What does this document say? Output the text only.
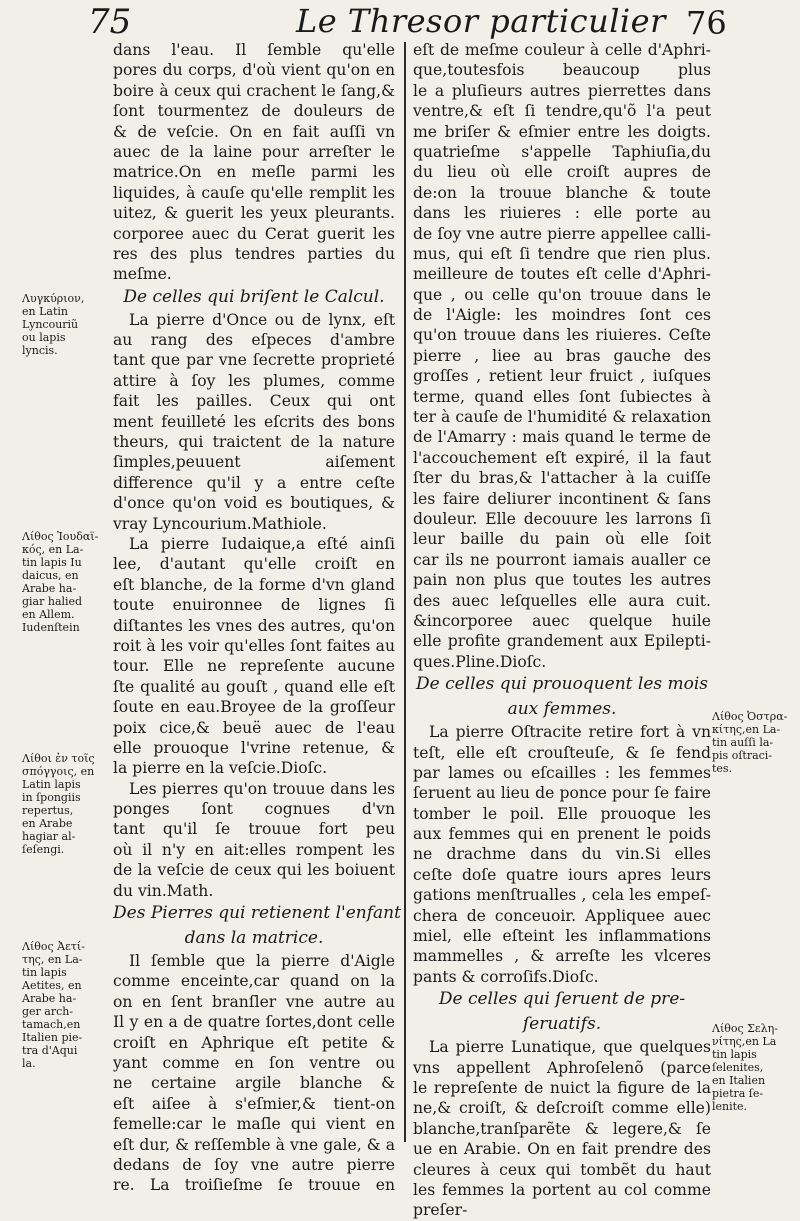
75	Le Thresor particulier 76
dans l'eau. Il ſemble qu'elle
pores du corps, d'où vient qu'on en
boire à ceux qui crachent le ſang,&
ſont tourmentez de douleurs de
& de veſcie. On en fait auſſi vn
auec de la laine pour arreſter le
matrice.On en meſle parmi les
liquides, à cauſe qu'elle remplit les
uitez, & guerit les yeux pleurants.
corporee auec du Cerat guerit les
res des plus tendres parties du
meſme.
De celles qui briſent le Calcul.
La pierre d'Once ou de lynx, eſt
au rang des eſpeces d'ambre
tant que par vne ſecrette proprieté
attire à ſoy les plumes, comme
fait les pailles. Ceux qui ont
ment feuilleté les eſcrits des bons
theurs, qui traictent de la nature
ſimples,peuuent aiſement
difference qu'il y a entre ceſte
d'once qu'on void es boutiques, &
vray Lyncourium.Mathiole.
La pierre Iudaique,a eſté ainſi
lee, d'autant qu'elle croiſt en
eſt blanche, de la forme d'vn gland
toute enuironnee de lignes ſi
diſtantes les vnes des autres, qu'on
roit à les voir qu'elles ſont faites au
tour. Elle ne repreſente aucune
ſte qualité au gouſt , quand elle eſt
ſoute en eau.Broyee de la groſſeur
poix cice,& beuë auec de l'eau
elle prouoque l'vrine retenue, &
la pierre en la veſcie.Dioſc.
Les pierres qu'on trouue dans les
ponges ſont cognues d'vn
tant qu'il ſe trouue fort peu
où il n'y en ait:elles rompent les
de la veſcie de ceux qui les boiuent
du vin.Math.
Des Pierres qui retienent l'enfant
dans la matrice.
Il ſemble que la pierre d'Aigle
comme enceinte,car quand on la
on en ſent branſler vne autre au
Il y en a de quatre ſortes,dont celle
croiſt en Aphrique eſt petite &
yant comme en ſon ventre ou
ne certaine argile blanche &
eſt aiſee à s'eſmier,& tient-on
femelle:car le maſle qui vient en
eſt dur, & reſſemble à vne gale, & a
dedans de ſoy vne autre pierre
re. La troiſieſme ſe trouue en
eſt de meſme couleur à celle d'Aphri-
que,toutesfois beaucoup plus
le a pluſieurs autres pierrettes dans
ventre,& eſt ſi tendre,qu'õ l'a peut
me briſer & eſmier entre les doigts.
quatrieſme s'appelle Taphiuſia,du
du lieu où elle croiſt aupres de
de:on la trouue blanche & toute
dans les riuieres : elle porte au
de ſoy vne autre pierre appellee calli-
mus, qui eſt ſi tendre que rien plus.
meilleure de toutes eſt celle d'Aphri-
que , ou celle qu'on trouue dans le
de l'Aigle: les moindres ſont ces
qu'on trouue dans les riuieres. Ceſte
pierre , liee au bras gauche des
groſſes , retient leur fruict , iuſques
terme, quand elles ſont ſubiectes à
ter à cauſe de l'humidité & relaxation
de l'Amarry : mais quand le terme de
l'accouchement eſt expiré, il la faut
ſter du bras,& l'attacher à la cuiſſe
les faire deliurer incontinent & ſans
douleur. Elle decouure les larrons ſi
leur baille du pain où elle ſoit
car ils ne pourront iamais aualler ce
pain non plus que toutes les autres
des auec leſquelles elle aura cuit.
&incorporee auec quelque huile
elle profite grandement aux Epilepti-
ques.Pline.Dioſc.
De celles qui prouoquent les mois
aux femmes.
La pierre Oſtracite retire fort à vn
teſt, elle eſt crouſteuſe, & ſe fend
par lames ou eſcailles : les femmes
ſeruent au lieu de ponce pour ſe faire
tomber le poil. Elle prouoque les
aux femmes qui en prenent le poids
ne drachme dans du vin.Si elles
ceſte doſe quatre iours apres leurs
gations menſtrualles , cela les empeſ-
chera de conceuoir. Appliquee auec
miel, elle eſteint les inflammations
mammelles , & arreſte les vlceres
pants & corroſifs.Dioſc.
De celles qui ſeruent de pre-
ſeruatifs.
La pierre Lunatique, que quelques
vns appellent Aphroſelenõ (parce
le repreſente de nuict la figure de la
ne,& croiſt, & deſcroiſt comme elle)
blanche,tranſparẽte & legere,& ſe
ue en Arabie. On en fait prendre des
cleures à ceux qui tombẽt du haut
les femmes la portent au col comme
preſer-
Λυγκύριον,
en Latin
Lyncouriũ
ou lapis
lyncis.
Λίθος Ἰουδαϊ-
κός, en La-
tin lapis Iu
daicus, en
Arabe ha-
giar halied
en Allem.
Iudenſtein
Λίθοι ἐν τοῖς
σπόγγοις, en
Latin lapis
in ſpongiis
repertus,
en Arabe
hagiar al-
ſeſengi.
Λίθος Ἀετί-
της, en La-
tin lapis
Aetites, en
Arabe ha-
ger arch-
tamach,en
Italien pie-
tra d'Aqui
la.
Λίθος Ὀστρα-
κίτης,en La-
tin auſſi la-
pis oſtraci-
tes.
Λίθος Σελη-
νίτης,en La
tin lapis
ſelenites,
en Italien
pietra ſe-
lenite.
